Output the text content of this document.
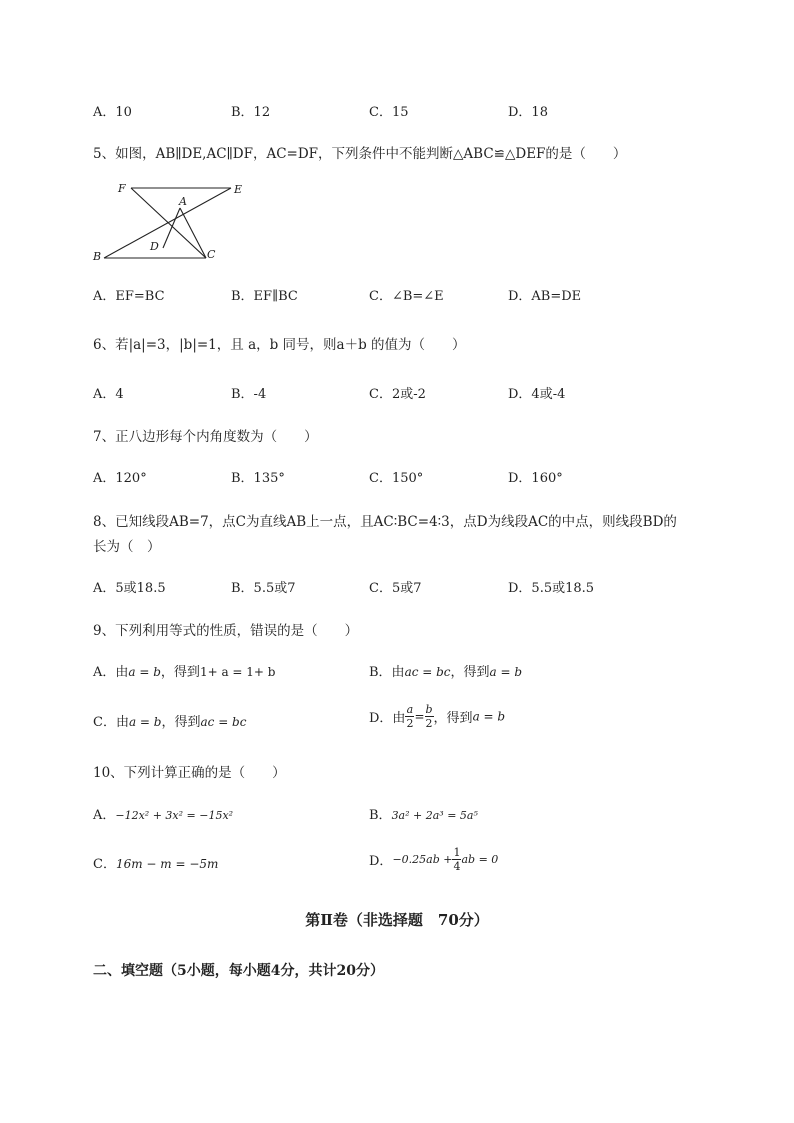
A．10	B．12	C．15	D．18
5、如图，AB∥DE,AC∥DF，AC=DF，下列条件中不能判断△ABC≌△DEF的是（　　）
F	E
A
D
B	C
A．EF=BC	B．EF∥BC	C．∠B=∠E	D．AB=DE
6、若|a|=3，|b|=1，且 a，b 同号，则a＋b 的值为（　　）
A．4	B．-4	C．2或-2	D．4或-4
7、正八边形每个内角度数为（　　）
A．120°	B．135°	C．150°	D．160°
8、已知线段AB=7，点C为直线AB上一点，且AC∶BC=4∶3，点D为线段AC的中点，则线段BD的
长为（　）
A．5或18.5	B．5.5或7	C．5或7	D．5.5或18.5
9、下列利用等式的性质，错误的是（　　）
A．由a = b，得到1+ a = 1+ b	B．由ac = bc，得到a = b
C．由a = b，得到ac = bc	D．由 $\frac{a}{2} = \frac{b}{2}$ ，得到a = b
10、下列计算正确的是（　　）
A．−12x² + 3x² = −15x²	B．3a² + 2a³ = 5a⁵
C．16m − m = −5m	D．$-0.25ab + \frac{1}{4}$ ab = 0
第Ⅱ卷（非选择题　70分）
二、填空题（5小题，每小题4分，共计20分）
